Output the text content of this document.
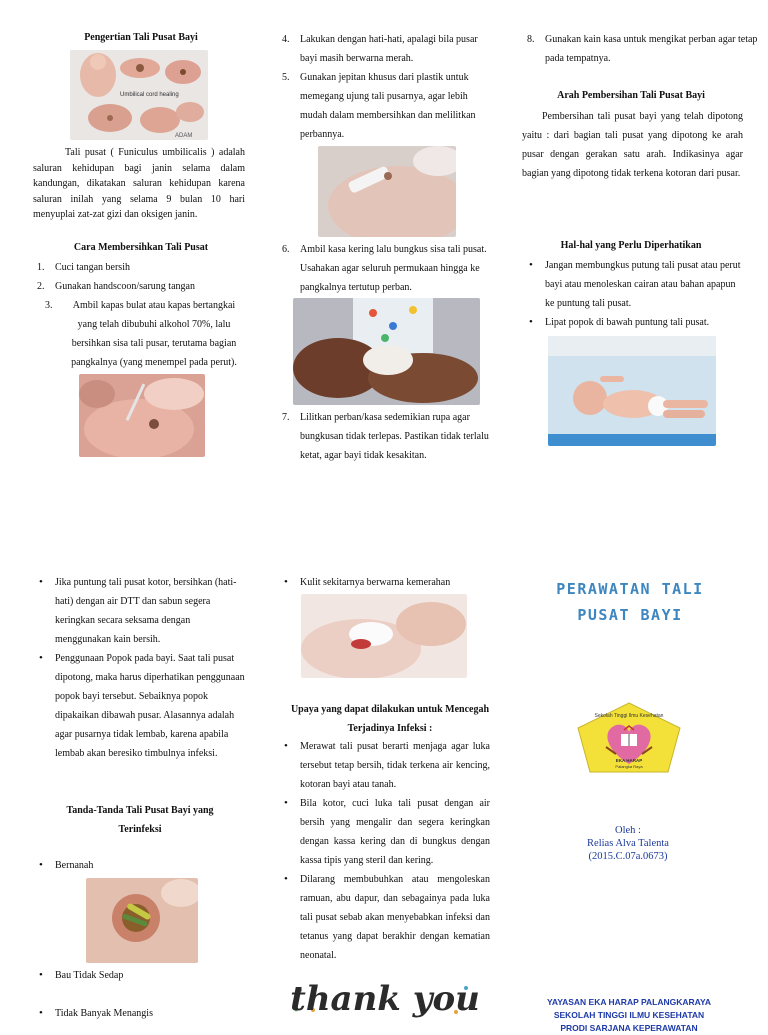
Pengertian Tali Pusat Bayi
Umbilical cord healing
ADAM
Tali pusat ( Funiculus umbilicalis ) adalah saluran kehidupan bagi janin selama dalam kandungan, dikatakan saluran kehidupan karena saluran inilah yang selama 9 bulan 10 hari menyuplai zat-zat gizi dan oksigen janin.
Cara Membersihkan Tali Pusat
1. Cuci tangan bersih
2. Gunakan handscoon/sarung tangan
3.	Ambil kapas bulat atau kapas bertangkai yang telah dibubuhi alkohol 70%, lalu bersihkan sisa tali pusar, terutama bagian pangkalnya (yang menempel pada perut).
4. Lakukan dengan hati-hati, apalagi bila pusar bayi masih berwarna merah.
5. Gunakan jepitan khusus dari plastik untuk memegang ujung tali pusarnya, agar lebih mudah dalam membersihkan dan melilitkan perbannya.
6. Ambil kasa kering lalu bungkus sisa tali pusat. Usahakan agar seluruh permukaan hingga ke pangkalnya tertutup perban.
7. Lilitkan perban/kasa sedemikian rupa agar bungkusan tidak terlepas. Pastikan tidak terlalu ketat, agar bayi tidak kesakitan.
8. Gunakan kain kasa untuk mengikat perban agar tetap pada tempatnya.
Arah Pembersihan Tali Pusat Bayi
Pembersihan tali pusat bayi yang telah dipotong yaitu : dari bagian tali pusat yang dipotong ke arah pusar dengan gerakan satu arah. Indikasinya agar bagian yang dipotong tidak terkena kotoran dari pusar.
Hal-hal yang Perlu Diperhatikan
• Jangan membungkus putung tali pusat atau perut bayi atau menoleskan cairan atau bahan apapun ke puntung tali pusat.
• Lipat popok di bawah puntung tali pusat.
• Jika puntung tali pusat kotor, bersihkan (hati-hati) dengan air DTT dan sabun segera keringkan secara seksama dengan menggunakan kain bersih.
• Penggunaan Popok pada bayi. Saat tali pusat dipotong, maka harus diperhatikan penggunaan popok bayi tersebut. Sebaiknya popok dipakaikan dibawah pusar. Alasannya adalah agar pusarnya tidak lembab, karena apabila lembab akan beresiko timbulnya infeksi.
Tanda-Tanda Tali Pusat Bayi yang Terinfeksi
• Bernanah
• Bau Tidak Sedap
• Tidak Banyak Menangis
• Kulit sekitarnya berwarna kemerahan
Upaya yang dapat dilakukan untuk Mencegah Terjadinya Infeksi :
• Merawat tali pusat berarti menjaga agar luka tersebut tetap bersih, tidak terkena air kencing, kotoran bayi atau tanah.
• Bila kotor, cuci luka tali pusat dengan air bersih yang mengalir dan segera keringkan dengan kassa kering dan di bungkus dengan kassa tipis yang steril dan kering.
• Dilarang membubuhkan atau mengoleskan ramuan, abu dapur, dan sebagainya pada luka tali pusat sebab akan menyebabkan infeksi dan tetanus yang dapat berakhir dengan kematian neonatal.
thank you
PERAWATAN TALI
PUSAT BAYI
Sekolah Tinggi Ilmu Kesehatan
EKA HARAP
Palangka Raya
Oleh :
Relias Alva Talenta
(2015.C.07a.0673)
YAYASAN EKA HARAP PALANGKARAYA
SEKOLAH TINGGI ILMU KESEHATAN
PRODI SARJANA KEPERAWATAN
